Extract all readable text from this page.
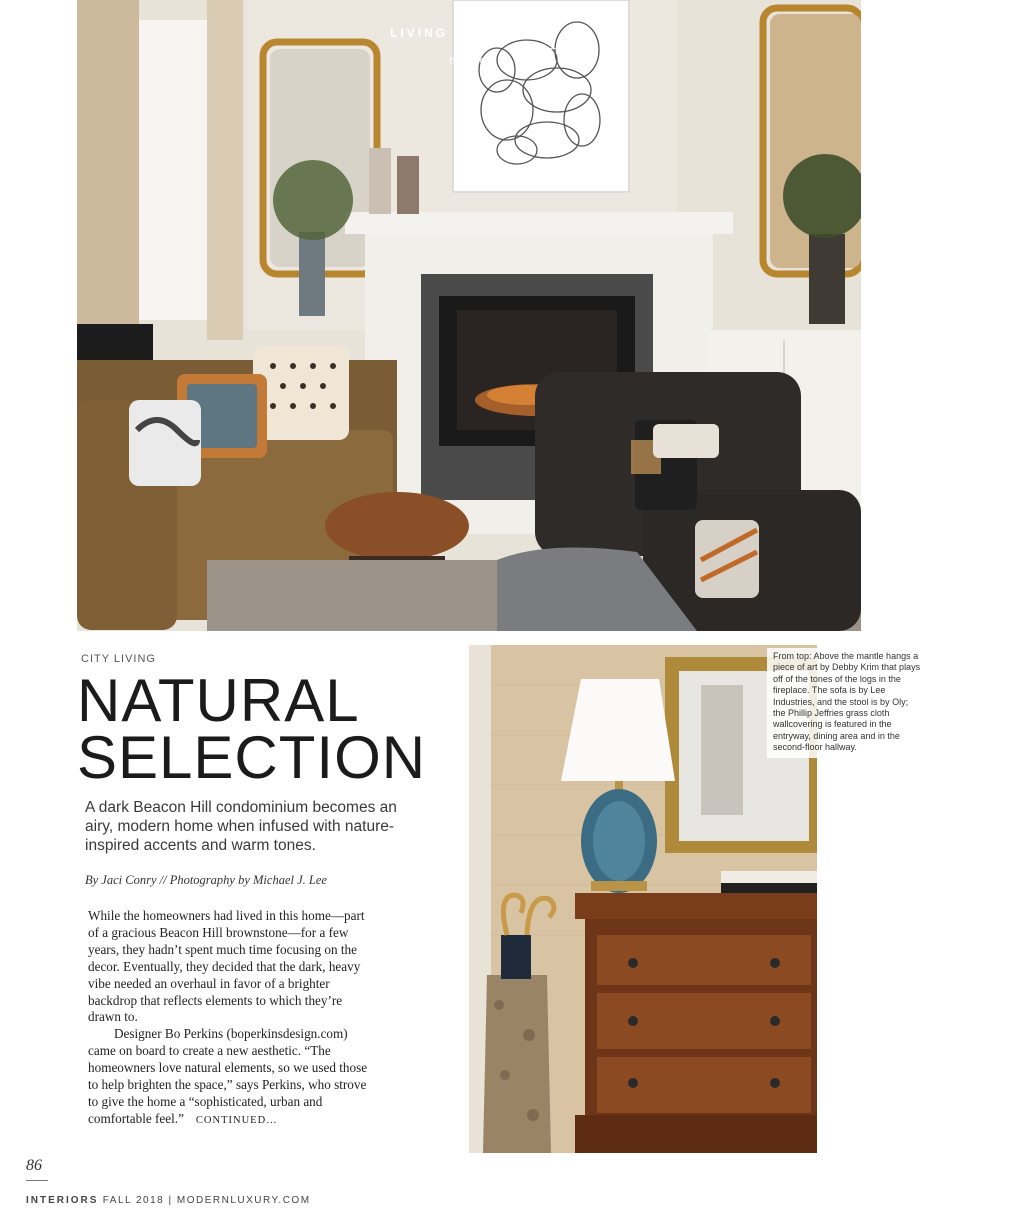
LIVING IN BOSTON
home
CITY LIVING
NATURAL
SELECTION

A dark Beacon Hill condominium becomes an airy, modern home when infused with nature-inspired accents and warm tones.

By Jaci Conry // Photography by Michael J. Lee

While the homeowners had lived in this home—part of a gracious Beacon Hill brownstone—for a few years, they hadn’t spent much time focusing on the decor. Eventually, they decided that the dark, heavy vibe needed an overhaul in favor of a brighter backdrop that reflects elements to which they’re drawn to.

Designer Bo Perkins (boperkinsdesign.com) came on board to create a new aesthetic. “The homeowners love natural elements, so we used those to help brighten the space,” says Perkins, who strove to give the home a “sophisticated, urban and comfortable feel.” CONTINUED…

From top: Above the mantle hangs a piece of art by Debby Krim that plays off of the tones of the logs in the fireplace. The sofa is by Lee Industries, and the stool is by Oly; the Phillip Jeffries grass cloth wallcovering is featured in the entryway, dining area and in the second-floor hallway.
86
INTERIORS FALL 2018 | MODERNLUXURY.COM
